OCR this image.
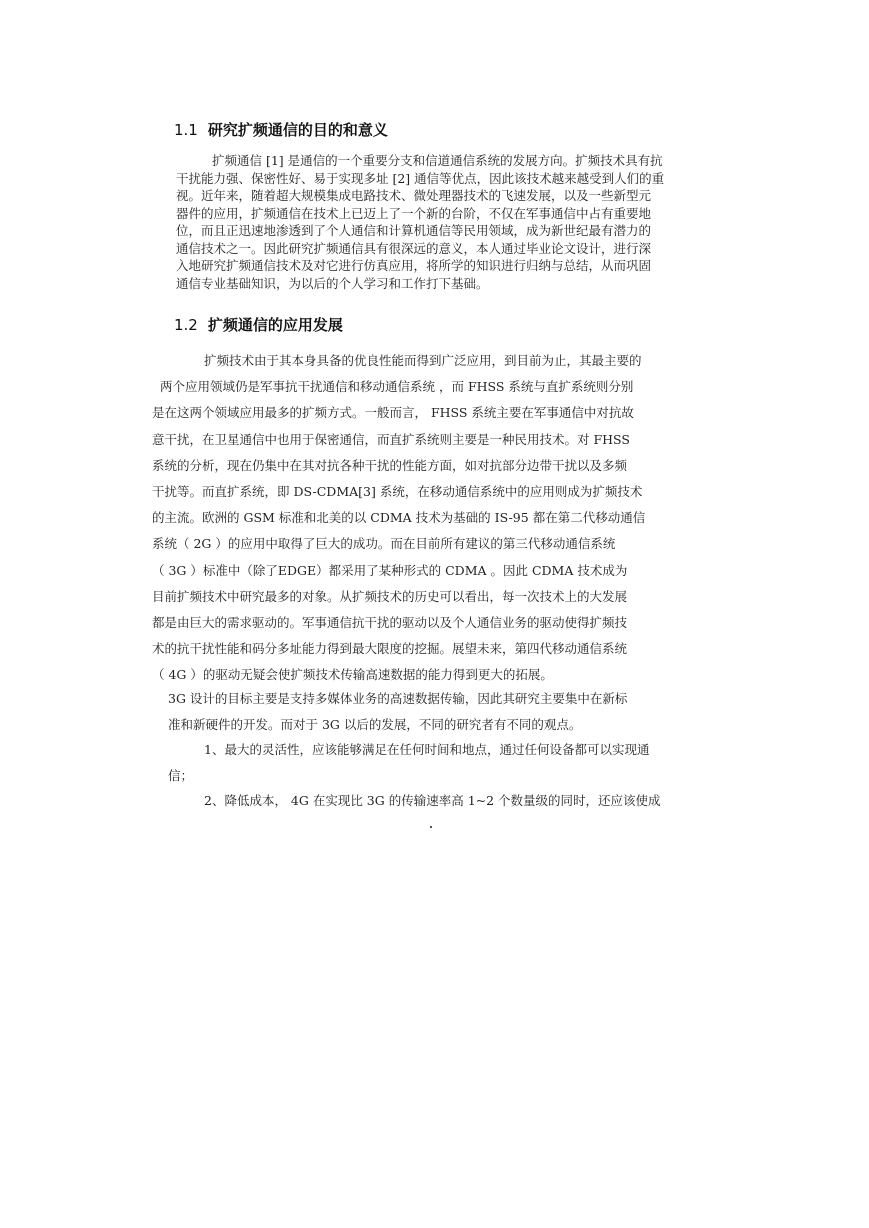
1.1 研究扩频通信的目的和意义
扩频通信 [1] 是通信的一个重要分支和信道通信系统的发展方向。扩频技术具有抗
干扰能力强、保密性好、易于实现多址 [2] 通信等优点，因此该技术越来越受到人们的重
视。近年来，随着超大规模集成电路技术、微处理器技术的飞速发展，以及一些新型元
器件的应用，扩频通信在技术上已迈上了一个新的台阶，不仅在军事通信中占有重要地
位，而且正迅速地渗透到了个人通信和计算机通信等民用领域，成为新世纪最有潜力的
通信技术之一。因此研究扩频通信具有很深远的意义，本人通过毕业论文设计，进行深
入地研究扩频通信技术及对它进行仿真应用，将所学的知识进行归纳与总结，从而巩固
通信专业基础知识，为以后的个人学习和工作打下基础。
1.2 扩频通信的应用发展
扩频技术由于其本身具备的优良性能而得到广泛应用，到目前为止，其最主要的
两个应用领域仍是军事抗干扰通信和移动通信系统 ，而 FHSS 系统与直扩系统则分别
是在这两个领域应用最多的扩频方式。一般而言， FHSS 系统主要在军事通信中对抗故
意干扰，在卫星通信中也用于保密通信，而直扩系统则主要是一种民用技术。对 FHSS
系统的分析，现在仍集中在其对抗各种干扰的性能方面，如对抗部分边带干扰以及多频
干扰等。而直扩系统，即 DS-CDMA[3] 系统，在移动通信系统中的应用则成为扩频技术
的主流。欧洲的 GSM 标准和北美的以 CDMA 技术为基础的 IS-95 都在第二代移动通信
系统（ 2G ）的应用中取得了巨大的成功。而在目前所有建议的第三代移动通信系统
（ 3G ）标准中（除了EDGE）都采用了某种形式的 CDMA 。因此 CDMA 技术成为
目前扩频技术中研究最多的对象。从扩频技术的历史可以看出，每一次技术上的大发展
都是由巨大的需求驱动的。军事通信抗干扰的驱动以及个人通信业务的驱动使得扩频技
术的抗干扰性能和码分多址能力得到最大限度的挖掘。展望未来，第四代移动通信系统
（ 4G ）的驱动无疑会使扩频技术传输高速数据的能力得到更大的拓展。
3G 设计的目标主要是支持多媒体业务的高速数据传输，因此其研究主要集中在新标
准和新硬件的开发。而对于 3G 以后的发展，不同的研究者有不同的观点。
1、最大的灵活性，应该能够满足在任何时间和地点，通过任何设备都可以实现通
信；
2、降低成本， 4G 在实现比 3G 的传输速率高 1~2 个数量级的同时，还应该使成
